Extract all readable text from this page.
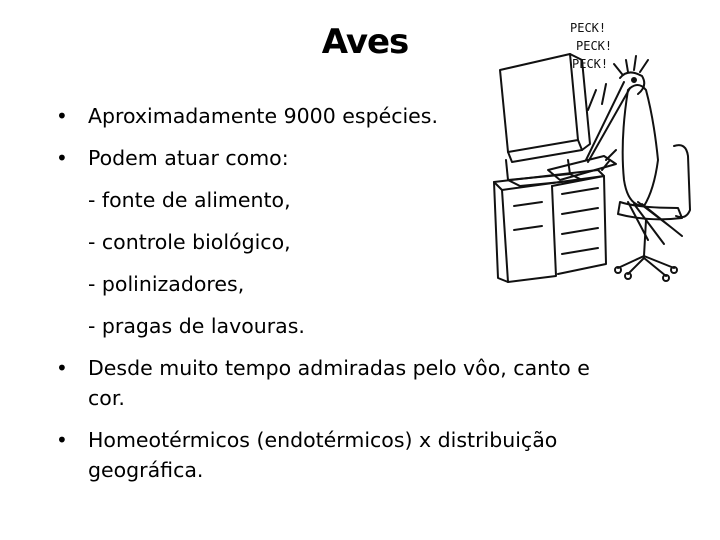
Aves	PECK!
PECK!
PECK!
• Aproximadamente 9000 espécies.
• Podem atuar como:
- fonte de alimento,
- controle biológico,
- polinizadores,
- pragas de lavouras.
• Desde muito tempo admiradas pelo vôo, canto e
cor.
• Homeotérmicos (endotérmicos) x distribuição
geográfica.
